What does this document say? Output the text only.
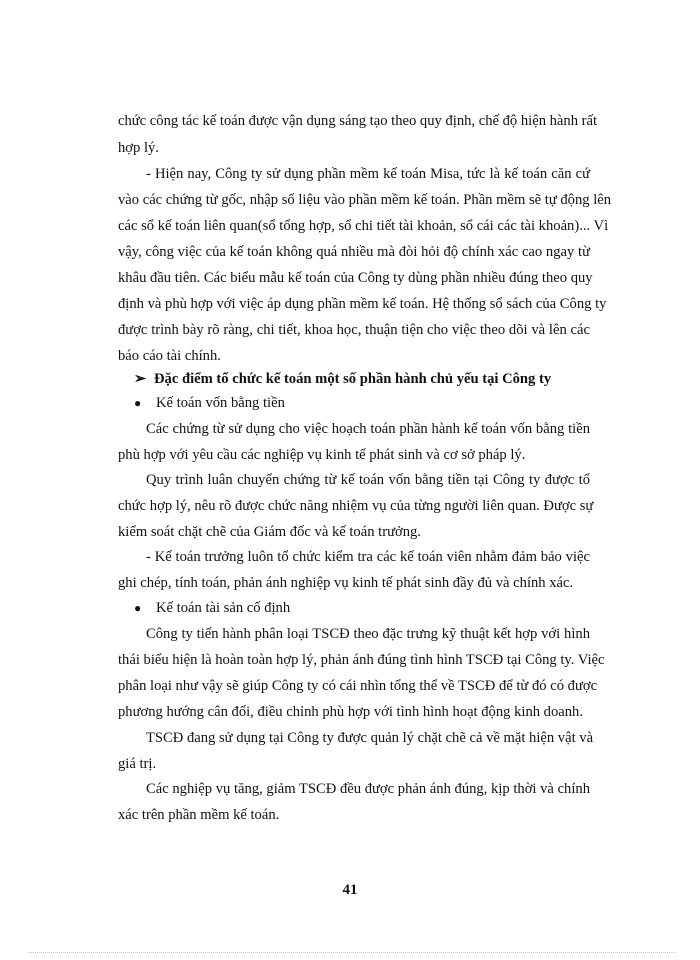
chức công tác kế toán được vận dụng sáng tạo theo quy định, chế độ hiện hành rất
hợp lý.
- Hiện nay, Công ty sử dụng phần mềm kế toán Misa, tức là kế toán căn cứ
vào các chứng từ gốc, nhập số liệu vào phần mềm kế toán. Phần mềm sẽ tự động lên
các sổ kế toán liên quan(sổ tổng hợp, sổ chi tiết tài khoản, sổ cái các tài khoản)... Vì
vậy, công việc của kế toán không quá nhiều mà đòi hỏi độ chính xác cao ngay từ
khâu đầu tiên. Các biểu mẫu kế toán của Công ty dùng phần nhiều đúng theo quy
định và phù hợp với việc áp dụng phần mềm kế toán. Hệ thống sổ sách của Công ty
được trình bày rõ ràng, chi tiết, khoa học, thuận tiện cho việc theo dõi và lên các
báo cáo tài chính.
➢ Đặc điểm tổ chức kế toán một số phần hành chủ yếu tại Công ty
● Kế toán vốn bằng tiền
Các chứng từ sử dụng cho việc hoạch toán phần hành kế toán vốn bằng tiền
phù hợp với yêu cầu các nghiệp vụ kinh tế phát sinh và cơ sở pháp lý.
Quy trình luân chuyển chứng từ kế toán vốn bằng tiền tại Công ty được tổ
chức hợp lý, nêu rõ được chức năng nhiệm vụ của từng người liên quan. Được sự
kiểm soát chặt chẽ của Giám đốc và kế toán trưởng.
- Kế toán trưởng luôn tổ chức kiểm tra các kế toán viên nhằm đảm bảo việc
ghi chép, tính toán, phản ánh nghiệp vụ kinh tế phát sinh đầy đủ và chính xác.
● Kế toán tài sản cố định
Công ty tiến hành phân loại TSCĐ theo đặc trưng kỹ thuật kết hợp với hình
thái biểu hiện là hoàn toàn hợp lý, phản ánh đúng tình hình TSCĐ tại Công ty. Việc
phân loại như vậy sẽ giúp Công ty có cái nhìn tổng thể về TSCĐ để từ đó có được
phương hướng cân đối, điều chỉnh phù hợp với tình hình hoạt động kinh doanh.
TSCĐ đang sử dụng tại Công ty được quản lý chặt chẽ cả về mặt hiện vật và
giá trị.
Các nghiệp vụ tăng, giảm TSCĐ đều được phản ánh đúng, kịp thời và chính
xác trên phần mềm kế toán.
41
